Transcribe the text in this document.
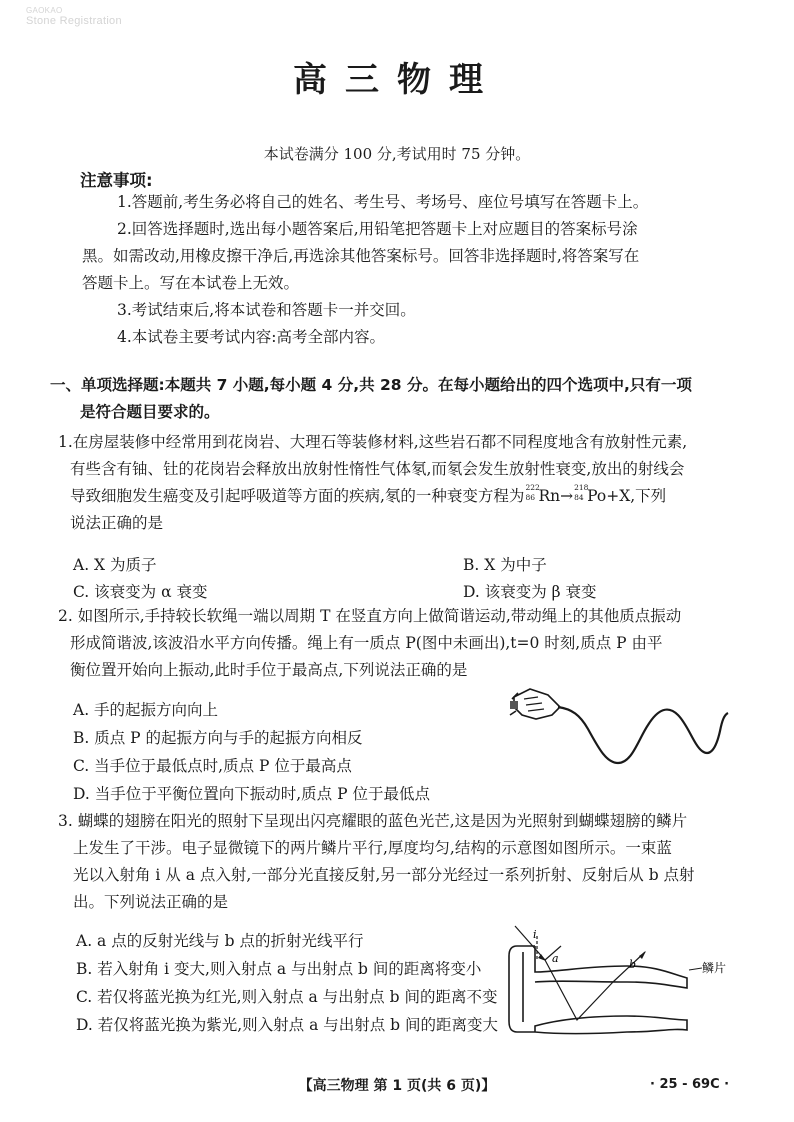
GAOKAO
Stone Registration
高三物理
本试卷满分 100 分,考试用时 75 分钟。
注意事项:
1.答题前,考生务必将自己的姓名、考生号、考场号、座位号填写在答题卡上。
2.回答选择题时,选出每小题答案后,用铅笔把答题卡上对应题目的答案标号涂
黑。如需改动,用橡皮擦干净后,再选涂其他答案标号。回答非选择题时,将答案写在
答题卡上。写在本试卷上无效。
3.考试结束后,将本试卷和答题卡一并交回。
4.本试卷主要考试内容:高考全部内容。
一、单项选择题:本题共 7 小题,每小题 4 分,共 28 分。在每小题给出的四个选项中,只有一项
是符合题目要求的。
1.在房屋装修中经常用到花岗岩、大理石等装修材料,这些岩石都不同程度地含有放射性元素,
有些含有铀、钍的花岗岩会释放出放射性惰性气体氡,而氡会发生放射性衰变,放出的射线会
导致细胞发生癌变及引起呼吸道等方面的疾病,氡的一种衰变方程为 222
86 Rn→ 218
84 Po+X,下列
说法正确的是
A. X 为质子	B. X 为中子
C. 该衰变为 α 衰变	D. 该衰变为 β 衰变
2. 如图所示,手持较长软绳一端以周期 T 在竖直方向上做简谐运动,带动绳上的其他质点振动
形成简谐波,该波沿水平方向传播。绳上有一质点 P(图中未画出),t=0 时刻,质点 P 由平
衡位置开始向上振动,此时手位于最高点,下列说法正确的是
A. 手的起振方向向上
B. 质点 P 的起振方向与手的起振方向相反
C. 当手位于最低点时,质点 P 位于最高点
D. 当手位于平衡位置向下振动时,质点 P 位于最低点
3. 蝴蝶的翅膀在阳光的照射下呈现出闪亮耀眼的蓝色光芒,这是因为光照射到蝴蝶翅膀的鳞片
上发生了干涉。电子显微镜下的两片鳞片平行,厚度均匀,结构的示意图如图所示。一束蓝
光以入射角 i 从 a 点入射,一部分光直接反射,另一部分光经过一系列折射、反射后从 b 点射
出。下列说法正确的是
A. a 点的反射光线与 b 点的折射光线平行
B. 若入射角 i 变大,则入射点 a 与出射点 b 间的距离将变小
C. 若仅将蓝光换为红光,则入射点 a 与出射点 b 间的距离不变
D. 若仅将蓝光换为紫光,则入射点 a 与出射点 b 间的距离变大
i
a	b	鳞片
【高三物理 第 1 页(共 6 页)】	· 25 - 69C ·
